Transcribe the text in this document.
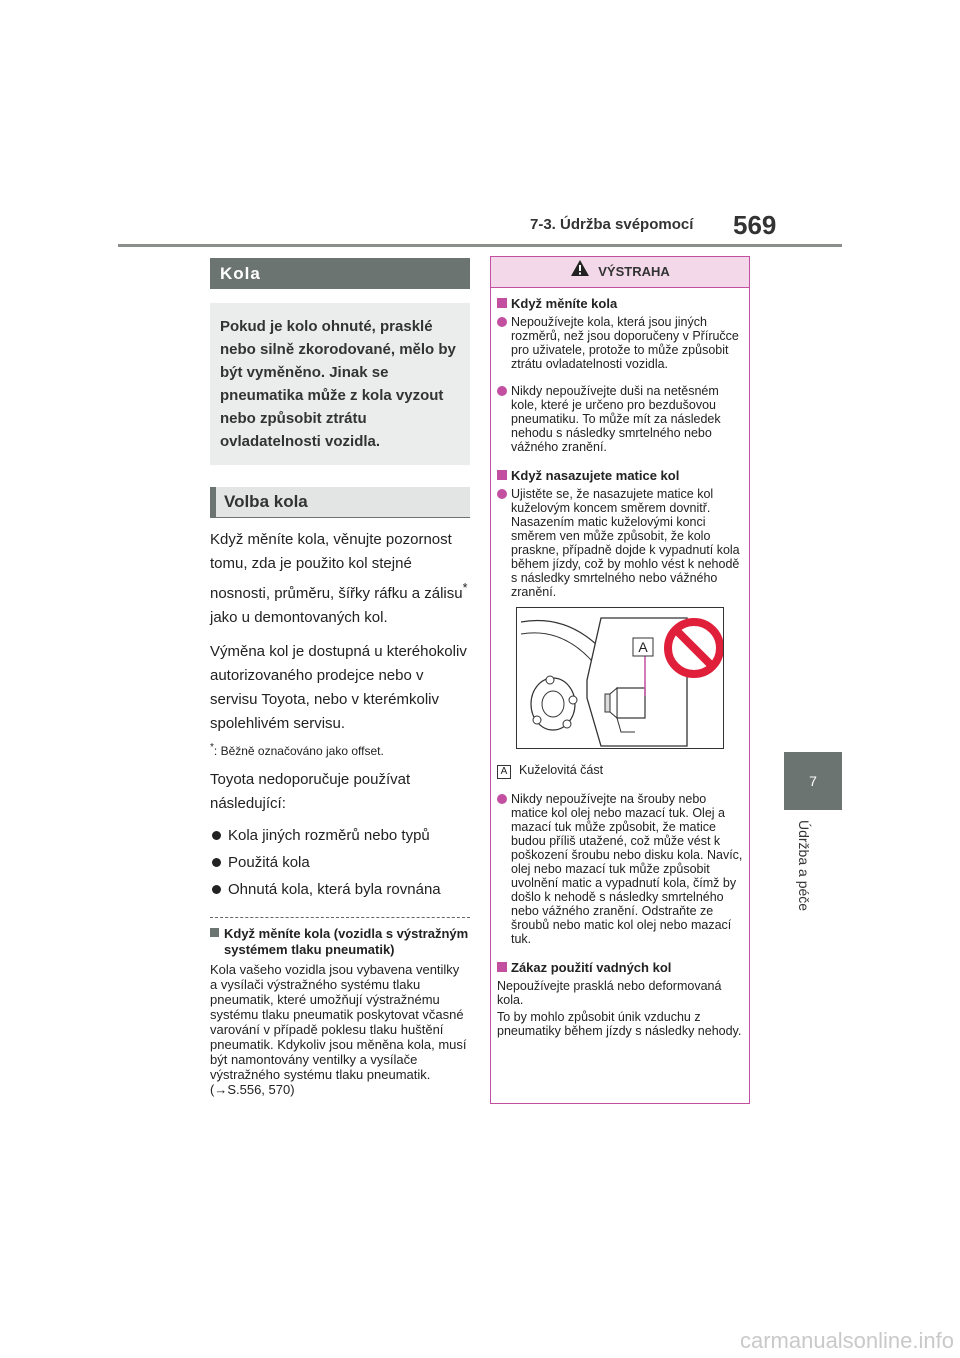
7-3. Údržba svépomocí 569
7
Údržba a péče
Kola
Pokud je kolo ohnuté, prasklé nebo silně zkorodované, mělo by být vyměněno. Jinak se pneumatika může z kola vyzout nebo způsobit ztrátu ovladatelnosti vozidla.
Volba kola

Když měníte kola, věnujte pozornost tomu, zda je použito kol stejné nosnosti, průměru, šířky ráfku a zálisu* jako u demontovaných kol.

Výměna kol je dostupná u kteréhokoliv autorizovaného prodejce nebo v servisu Toyota, nebo v kterémkoliv spolehlivém servisu.

*: Běžně označováno jako offset.

Toyota nedoporučuje používat následující:

Kola jiných rozměrů nebo typů
Použitá kola
Ohnutá kola, která byla rovnána
Když měníte kola (vozidla s výstražným systémem tlaku pneumatik)
Kola vašeho vozidla jsou vybavena ventilky a vysílači výstražného systému tlaku pneumatik, které umožňují výstražnému systému tlaku pneumatik poskytovat včasné varování v případě poklesu tlaku huštění pneumatik. Kdykoliv jsou měněna kola, musí být namontovány ventilky a vysílače výstražného systému tlaku pneumatik. (→S.556, 570)
VÝSTRAHA
Když měníte kola
Nepoužívejte kola, která jsou jiných rozměrů, než jsou doporučeny v Příručce pro uživatele, protože to může způsobit ztrátu ovladatelnosti vozidla.
Nikdy nepoužívejte duši na netěsném kole, které je určeno pro bezdušovou pneumatiku. To může mít za následek nehodu s následky smrtelného nebo vážného zranění.
Když nasazujete matice kol
Ujistěte se, že nasazujete matice kol kuželovým koncem směrem dovnitř. Nasazením matic kuželovými konci směrem ven může způsobit, že kolo praskne, případně dojde k vypadnutí kola během jízdy, což by mohlo vést k nehodě s následky smrtelného nebo vážného zranění.
A
A Kuželovitá část
Nikdy nepoužívejte na šrouby nebo matice kol olej nebo mazací tuk. Olej a mazací tuk může způsobit, že matice budou příliš utažené, což může vést k poškození šroubu nebo disku kola. Navíc, olej nebo mazací tuk může způsobit uvolnění matic a vypadnutí kola, čímž by došlo k nehodě s následky smrtelného nebo vážného zranění. Odstraňte ze šroubů nebo matic kol olej nebo mazací tuk.
Zákaz použití vadných kol
Nepoužívejte prasklá nebo deformovaná kola.
To by mohlo způsobit únik vzduchu z pneumatiky během jízdy s následky nehody.
carmanualsonline.info
